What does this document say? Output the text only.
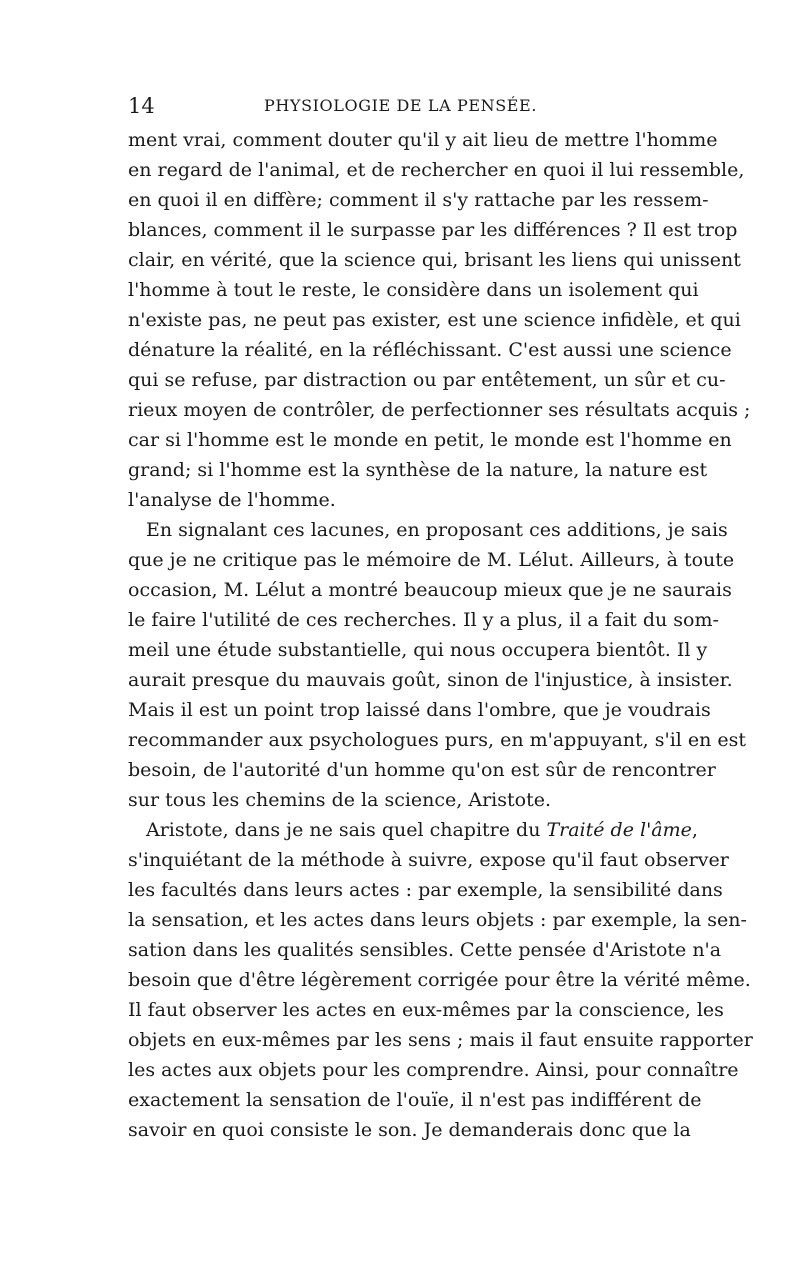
14	PHYSIOLOGIE DE LA PENSÉE.
ment vrai, comment douter qu'il y ait lieu de mettre l'homme
en regard de l'animal, et de rechercher en quoi il lui ressemble,
en quoi il en diffère; comment il s'y rattache par les ressem-
blances, comment il le surpasse par les différences ? Il est trop
clair, en vérité, que la science qui, brisant les liens qui unissent
l'homme à tout le reste, le considère dans un isolement qui
n'existe pas, ne peut pas exister, est une science infidèle, et qui
dénature la réalité, en la réfléchissant. C'est aussi une science
qui se refuse, par distraction ou par entêtement, un sûr et cu-
rieux moyen de contrôler, de perfectionner ses résultats acquis ;
car si l'homme est le monde en petit, le monde est l'homme en
grand; si l'homme est la synthèse de la nature, la nature est
l'analyse de l'homme.
En signalant ces lacunes, en proposant ces additions, je sais
que je ne critique pas le mémoire de M. Lélut. Ailleurs, à toute
occasion, M. Lélut a montré beaucoup mieux que je ne saurais
le faire l'utilité de ces recherches. Il y a plus, il a fait du som-
meil une étude substantielle, qui nous occupera bientôt. Il y
aurait presque du mauvais goût, sinon de l'injustice, à insister.
Mais il est un point trop laissé dans l'ombre, que je voudrais
recommander aux psychologues purs, en m'appuyant, s'il en est
besoin, de l'autorité d'un homme qu'on est sûr de rencontrer
sur tous les chemins de la science, Aristote.
Aristote, dans je ne sais quel chapitre du Traité de l'âme,
s'inquiétant de la méthode à suivre, expose qu'il faut observer
les facultés dans leurs actes : par exemple, la sensibilité dans
la sensation, et les actes dans leurs objets : par exemple, la sen-
sation dans les qualités sensibles. Cette pensée d'Aristote n'a
besoin que d'être légèrement corrigée pour être la vérité même.
Il faut observer les actes en eux-mêmes par la conscience, les
objets en eux-mêmes par les sens ; mais il faut ensuite rapporter
les actes aux objets pour les comprendre. Ainsi, pour connaître
exactement la sensation de l'ouïe, il n'est pas indifférent de
savoir en quoi consiste le son. Je demanderais donc que la
